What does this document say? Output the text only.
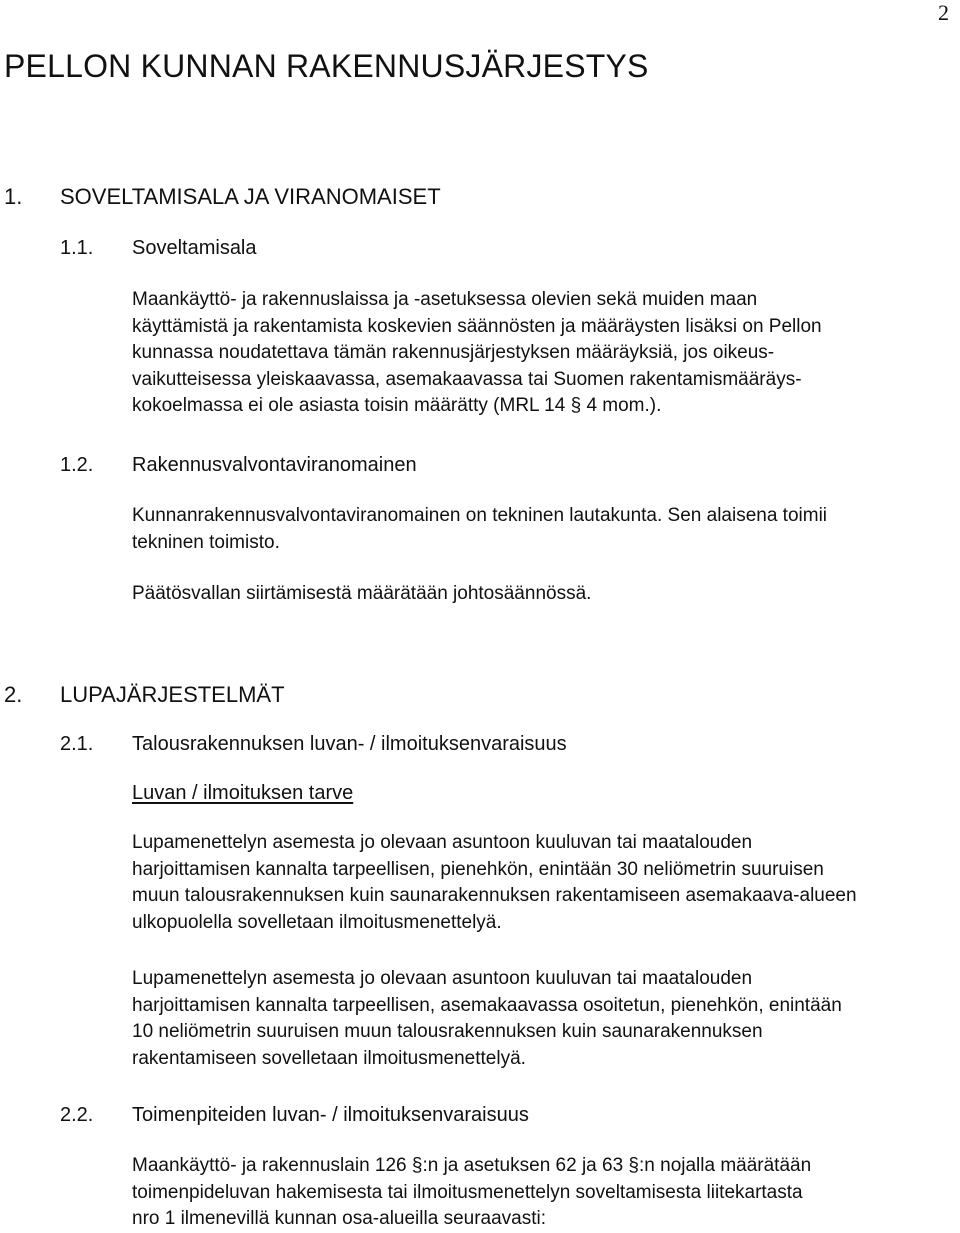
2
PELLON KUNNAN RAKENNUSJÄRJESTYS
1. SOVELTAMISALA JA VIRANOMAISET
1.1. Soveltamisala
Maankäyttö- ja rakennuslaissa ja -asetuksessa olevien sekä muiden maan
käyttämistä ja rakentamista koskevien säännösten ja määräysten lisäksi on Pellon
kunnassa noudatettava tämän rakennusjärjestyksen määräyksiä, jos oikeus-
vaikutteisessa yleiskaavassa, asemakaavassa tai Suomen rakentamismääräys-
kokoelmassa ei ole asiasta toisin määrätty (MRL 14 § 4 mom.).
1.2. Rakennusvalvontaviranomainen
Kunnanrakennusvalvontaviranomainen on tekninen lautakunta. Sen alaisena toimii
tekninen toimisto.
Päätösvallan siirtämisestä määrätään johtosäännössä.
2. LUPAJÄRJESTELMÄT
2.1. Talousrakennuksen luvan- / ilmoituksenvaraisuus
Luvan / ilmoituksen tarve
Lupamenettelyn asemesta jo olevaan asuntoon kuuluvan tai maatalouden
harjoittamisen kannalta tarpeellisen, pienehkön, enintään 30 neliömetrin suuruisen
muun talousrakennuksen kuin saunarakennuksen rakentamiseen asemakaava-alueen
ulkopuolella sovelletaan ilmoitusmenettelyä.
Lupamenettelyn asemesta jo olevaan asuntoon kuuluvan tai maatalouden
harjoittamisen kannalta tarpeellisen, asemakaavassa osoitetun, pienehkön, enintään
10 neliömetrin suuruisen muun talousrakennuksen kuin saunarakennuksen
rakentamiseen sovelletaan ilmoitusmenettelyä.
2.2. Toimenpiteiden luvan- / ilmoituksenvaraisuus
Maankäyttö- ja rakennuslain 126 §:n ja asetuksen 62 ja 63 §:n nojalla määrätään
toimenpideluvan hakemisesta tai ilmoitusmenettelyn soveltamisesta liitekartasta
nro 1 ilmenevillä kunnan osa-alueilla seuraavasti:
